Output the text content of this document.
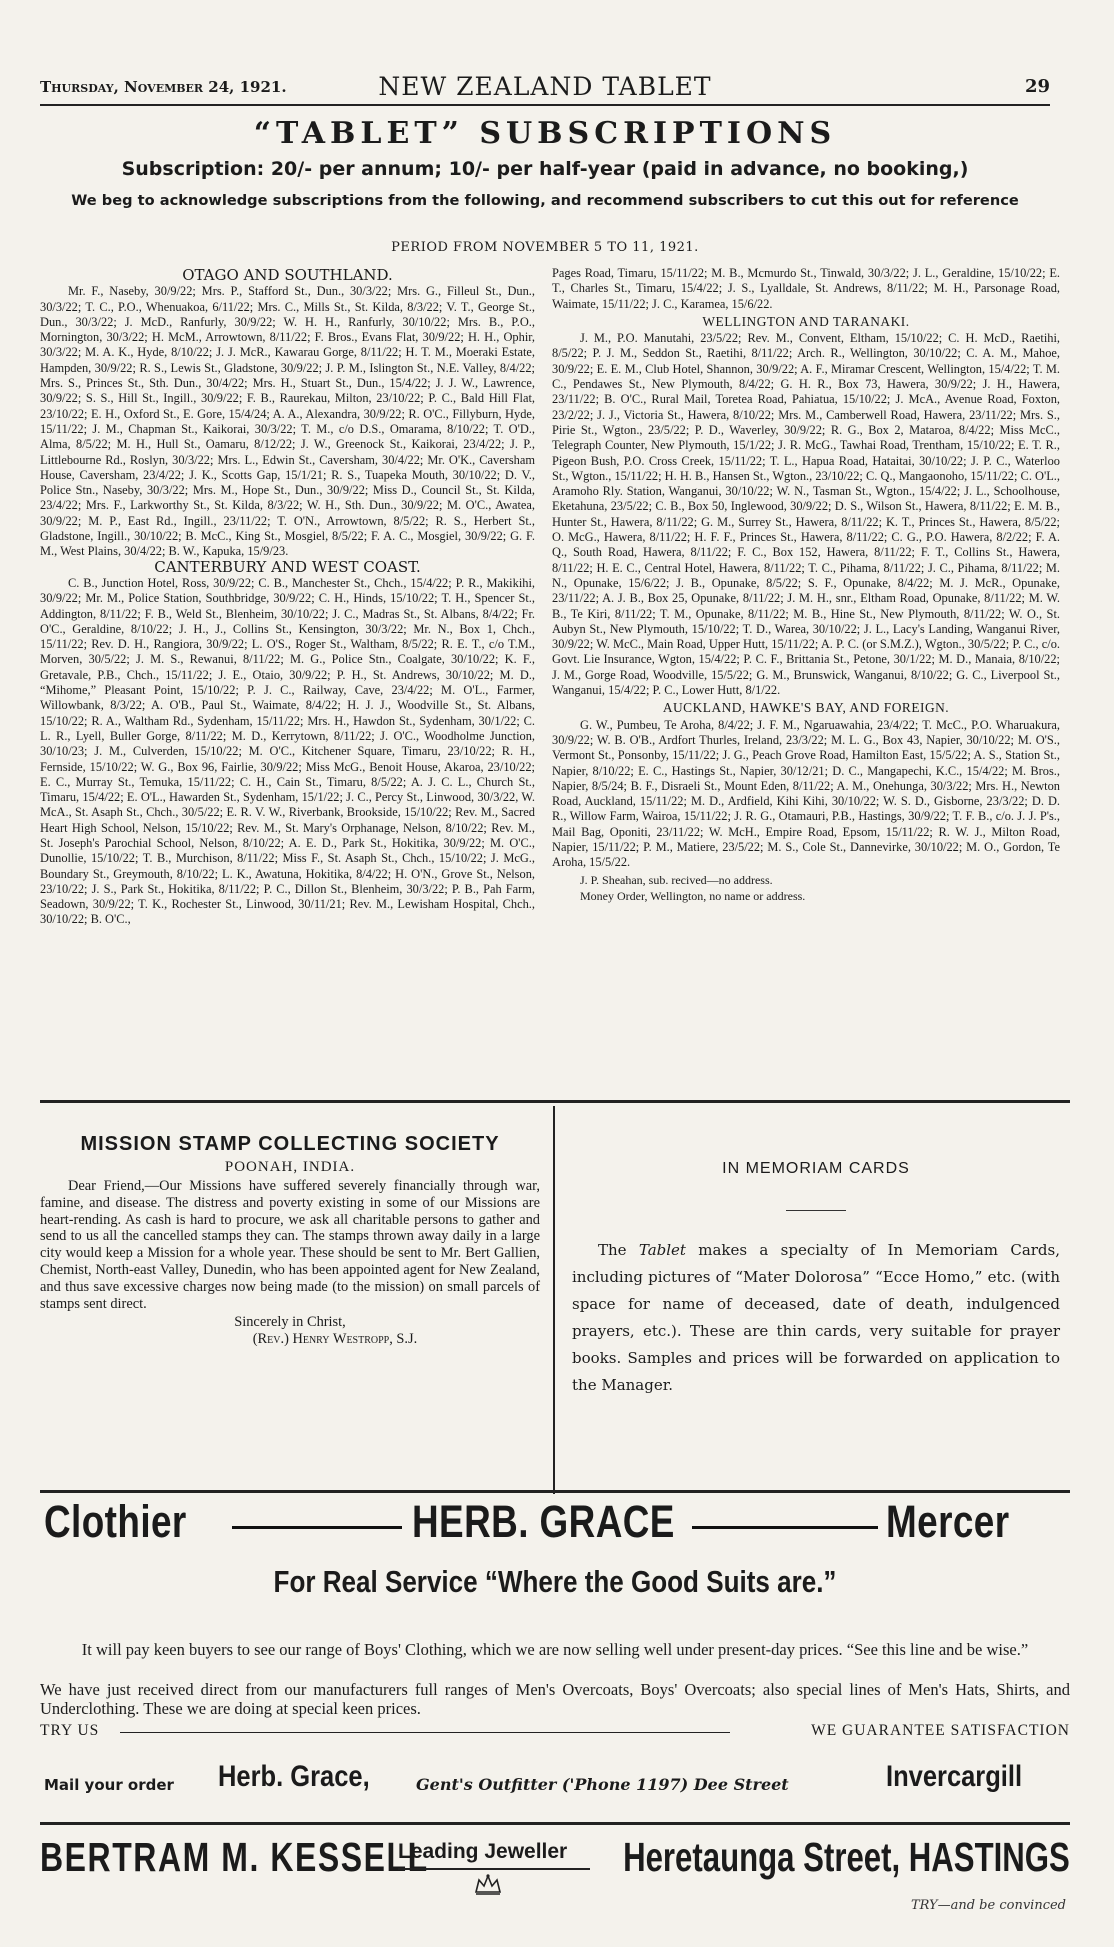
Thursday, November 24, 1921.	NEW ZEALAND TABLET	29
“TABLET” SUBSCRIPTIONS
Subscription: 20/- per annum; 10/- per half-year (paid in advance, no booking,)
We beg to acknowledge subscriptions from the following, and recommend subscribers to cut this out for reference
PERIOD FROM NOVEMBER 5 TO 11, 1921.
OTAGO AND SOUTHLAND.

Mr. F., Naseby, 30/9/22; Mrs. P., Stafford St., Dun., 30/3/22; Mrs. G., Filleul St., Dun., 30/3/22; T. C., P.O., Whenuakoa, 6/11/22; Mrs. C., Mills St., St. Kilda, 8/3/22; V. T., George St., Dun., 30/3/22; J. McD., Ranfurly, 30/9/22; W. H. H., Ranfurly, 30/10/22; Mrs. B., P.O., Mornington, 30/3/22; H. McM., Arrowtown, 8/11/22; F. Bros., Evans Flat, 30/9/22; H. H., Ophir, 30/3/22; M. A. K., Hyde, 8/10/22; J. J. McR., Kawarau Gorge, 8/11/22; H. T. M., Moeraki Estate, Hampden, 30/9/22; R. S., Lewis St., Gladstone, 30/9/22; J. P. M., Islington St., N.E. Valley, 8/4/22; Mrs. S., Princes St., Sth. Dun., 30/4/22; Mrs. H., Stuart St., Dun., 15/4/22; J. J. W., Lawrence, 30/9/22; S. S., Hill St., Ingill., 30/9/22; F. B., Raurekau, Milton, 23/10/22; P. C., Bald Hill Flat, 23/10/22; E. H., Oxford St., E. Gore, 15/4/24; A. A., Alexandra, 30/9/22; R. O'C., Fillyburn, Hyde, 15/11/22; J. M., Chapman St., Kaikorai, 30/3/22; T. M., c/o D.S., Omarama, 8/10/22; T. O'D., Alma, 8/5/22; M. H., Hull St., Oamaru, 8/12/22; J. W., Greenock St., Kaikorai, 23/4/22; J. P., Littlebourne Rd., Roslyn, 30/3/22; Mrs. L., Edwin St., Caversham, 30/4/22; Mr. O'K., Caversham House, Caversham, 23/4/22; J. K., Scotts Gap, 15/1/21; R. S., Tuapeka Mouth, 30/10/22; D. V., Police Stn., Naseby, 30/3/22; Mrs. M., Hope St., Dun., 30/9/22; Miss D., Council St., St. Kilda, 23/4/22; Mrs. F., Larkworthy St., St. Kilda, 8/3/22; W. H., Sth. Dun., 30/9/22; M. O'C., Awatea, 30/9/22; M. P., East Rd., Ingill., 23/11/22; T. O'N., Arrowtown, 8/5/22; R. S., Herbert St., Gladstone, Ingill., 30/10/22; B. McC., King St., Mosgiel, 8/5/22; F. A. C., Mosgiel, 30/9/22; G. F. M., West Plains, 30/4/22; B. W., Kapuka, 15/9/23.

CANTERBURY AND WEST COAST.

C. B., Junction Hotel, Ross, 30/9/22; C. B., Manchester St., Chch., 15/4/22; P. R., Makikihi, 30/9/22; Mr. M., Police Station, Southbridge, 30/9/22; C. H., Hinds, 15/10/22; T. H., Spencer St., Addington, 8/11/22; F. B., Weld St., Blenheim, 30/10/22; J. C., Madras St., St. Albans, 8/4/22; Fr. O'C., Geraldine, 8/10/22; J. H., J., Collins St., Kensington, 30/3/22; Mr. N., Box 1, Chch., 15/11/22; Rev. D. H., Rangiora, 30/9/22; L. O'S., Roger St., Waltham, 8/5/22; R. E. T., c/o T.M., Morven, 30/5/22; J. M. S., Rewanui, 8/11/22; M. G., Police Stn., Coalgate, 30/10/22; K. F., Gretavale, P.B., Chch., 15/11/22; J. E., Otaio, 30/9/22; P. H., St. Andrews, 30/10/22; M. D., “Mihome,” Pleasant Point, 15/10/22; P. J. C., Railway, Cave, 23/4/22; M. O'L., Farmer, Willowbank, 8/3/22; A. O'B., Paul St., Waimate, 8/4/22; H. J. J., Woodville St., St. Albans, 15/10/22; R. A., Waltham Rd., Sydenham, 15/11/22; Mrs. H., Hawdon St., Sydenham, 30/1/22; C. L. R., Lyell, Buller Gorge, 8/11/22; M. D., Kerrytown, 8/11/22; J. O'C., Woodholme Junction, 30/10/23; J. M., Culverden, 15/10/22; M. O'C., Kitchener Square, Timaru, 23/10/22; R. H., Fernside, 15/10/22; W. G., Box 96, Fairlie, 30/9/22; Miss McG., Benoit House, Akaroa, 23/10/22; E. C., Murray St., Temuka, 15/11/22; C. H., Cain St., Timaru, 8/5/22; A. J. C. L., Church St., Timaru, 15/4/22; E. O'L., Hawarden St., Sydenham, 15/1/22; J. C., Percy St., Linwood, 30/3/22, W. McA., St. Asaph St., Chch., 30/5/22; E. R. V. W., Riverbank, Brookside, 15/10/22; Rev. M., Sacred Heart High School, Nelson, 15/10/22; Rev. M., St. Mary's Orphanage, Nelson, 8/10/22; Rev. M., St. Joseph's Parochial School, Nelson, 8/10/22; A. E. D., Park St., Hokitika, 30/9/22; M. O'C., Dunollie, 15/10/22; T. B., Murchison, 8/11/22; Miss F., St. Asaph St., Chch., 15/10/22; J. McG., Boundary St., Greymouth, 8/10/22; L. K., Awatuna, Hokitika, 8/4/22; H. O'N., Grove St., Nelson, 23/10/22; J. S., Park St., Hokitika, 8/11/22; P. C., Dillon St., Blenheim, 30/3/22; P. B., Pah Farm, Seadown, 30/9/22; T. K., Rochester St., Linwood, 30/11/21; Rev. M., Lewisham Hospital, Chch., 30/10/22; B. O'C.,

Pages Road, Timaru, 15/11/22; M. B., Mcmurdo St., Tinwald, 30/3/22; J. L., Geraldine, 15/10/22; E. T., Charles St., Timaru, 15/4/22; J. S., Lyalldale, St. Andrews, 8/11/22; M. H., Parsonage Road, Waimate, 15/11/22; J. C., Karamea, 15/6/22.

WELLINGTON AND TARANAKI.

J. M., P.O. Manutahi, 23/5/22; Rev. M., Convent, Eltham, 15/10/22; C. H. McD., Raetihi, 8/5/22; P. J. M., Seddon St., Raetihi, 8/11/22; Arch. R., Wellington, 30/10/22; C. A. M., Mahoe, 30/9/22; E. E. M., Club Hotel, Shannon, 30/9/22; A. F., Miramar Crescent, Wellington, 15/4/22; T. M. C., Pendawes St., New Plymouth, 8/4/22; G. H. R., Box 73, Hawera, 30/9/22; J. H., Hawera, 23/11/22; B. O'C., Rural Mail, Toretea Road, Pahiatua, 15/10/22; J. McA., Avenue Road, Foxton, 23/2/22; J. J., Victoria St., Hawera, 8/10/22; Mrs. M., Camberwell Road, Hawera, 23/11/22; Mrs. S., Pirie St., Wgton., 23/5/22; P. D., Waverley, 30/9/22; R. G., Box 2, Mataroa, 8/4/22; Miss McC., Telegraph Counter, New Plymouth, 15/1/22; J. R. McG., Tawhai Road, Trentham, 15/10/22; E. T. R., Pigeon Bush, P.O. Cross Creek, 15/11/22; T. L., Hapua Road, Hataitai, 30/10/22; J. P. C., Waterloo St., Wgton., 15/11/22; H. H. B., Hansen St., Wgton., 23/10/22; C. Q., Mangaonoho, 15/11/22; C. O'L., Aramoho Rly. Station, Wanganui, 30/10/22; W. N., Tasman St., Wgton., 15/4/22; J. L., Schoolhouse, Eketahuna, 23/5/22; C. B., Box 50, Inglewood, 30/9/22; D. S., Wilson St., Hawera, 8/11/22; E. M. B., Hunter St., Hawera, 8/11/22; G. M., Surrey St., Hawera, 8/11/22; K. T., Princes St., Hawera, 8/5/22; O. McG., Hawera, 8/11/22; H. F. F., Princes St., Hawera, 8/11/22; C. G., P.O. Hawera, 8/2/22; F. A. Q., South Road, Hawera, 8/11/22; F. C., Box 152, Hawera, 8/11/22; F. T., Collins St., Hawera, 8/11/22; H. E. C., Central Hotel, Hawera, 8/11/22; T. C., Pihama, 8/11/22; J. C., Pihama, 8/11/22; M. N., Opunake, 15/6/22; J. B., Opunake, 8/5/22; S. F., Opunake, 8/4/22; M. J. McR., Opunake, 23/11/22; A. J. B., Box 25, Opunake, 8/11/22; J. M. H., snr., Eltham Road, Opunake, 8/11/22; M. W. B., Te Kiri, 8/11/22; T. M., Opunake, 8/11/22; M. B., Hine St., New Plymouth, 8/11/22; W. O., St. Aubyn St., New Plymouth, 15/10/22; T. D., Warea, 30/10/22; J. L., Lacy's Landing, Wanganui River, 30/9/22; W. McC., Main Road, Upper Hutt, 15/11/22; A. P. C. (or S.M.Z.), Wgton., 30/5/22; P. C., c/o. Govt. Lie Insurance, Wgton, 15/4/22; P. C. F., Brittania St., Petone, 30/1/22; M. D., Manaia, 8/10/22; J. M., Gorge Road, Woodville, 15/5/22; G. M., Brunswick, Wanganui, 8/10/22; G. C., Liverpool St., Wanganui, 15/4/22; P. C., Lower Hutt, 8/1/22.

AUCKLAND, HAWKE'S BAY, AND FOREIGN.

G. W., Pumbeu, Te Aroha, 8/4/22; J. F. M., Ngaruawahia, 23/4/22; T. McC., P.O. Wharuakura, 30/9/22; W. B. O'B., Ardfort Thurles, Ireland, 23/3/22; M. L. G., Box 43, Napier, 30/10/22; M. O'S., Vermont St., Ponsonby, 15/11/22; J. G., Peach Grove Road, Hamilton East, 15/5/22; A. S., Station St., Napier, 8/10/22; E. C., Hastings St., Napier, 30/12/21; D. C., Mangapechi, K.C., 15/4/22; M. Bros., Napier, 8/5/24; B. F., Disraeli St., Mount Eden, 8/11/22; A. M., Onehunga, 30/3/22; Mrs. H., Newton Road, Auckland, 15/11/22; M. D., Ardfield, Kihi Kihi, 30/10/22; W. S. D., Gisborne, 23/3/22; D. D. R., Willow Farm, Wairoa, 15/11/22; J. R. G., Otamauri, P.B., Hastings, 30/9/22; T. F. B., c/o. J. J. P's., Mail Bag, Oponiti, 23/11/22; W. McH., Empire Road, Epsom, 15/11/22; R. W. J., Milton Road, Napier, 15/11/22; P. M., Matiere, 23/5/22; M. S., Cole St., Dannevirke, 30/10/22; M. O., Gordon, Te Aroha, 15/5/22.

J. P. Sheahan, sub. recived—no address.

Money Order, Wellington, no name or address.

MISSION STAMP COLLECTING SOCIETY
POONAH, INDIA.

Dear Friend,—Our Missions have suffered severely financially through war, famine, and disease. The distress and poverty existing in some of our Missions are heart-rending. As cash is hard to procure, we ask all charitable persons to gather and send to us all the cancelled stamps they can. The stamps thrown away daily in a large city would keep a Mission for a whole year. These should be sent to Mr. Bert Gallien, Chemist, North-east Valley, Dunedin, who has been appointed agent for New Zealand, and thus save excessive charges now being made (to the mission) on small parcels of stamps sent direct.

Sincerely in Christ,
(Rev.) Henry Westropp, S.J.
IN MEMORIAM CARDS

The Tablet makes a specialty of In Memoriam Cards, including pictures of “Mater Dolorosa” “Ecce Homo,” etc. (with space for name of deceased, date of death, indulgenced prayers, etc.). These are thin cards, very suitable for prayer books. Samples and prices will be forwarded on application to the Manager.

Clothier	HERB. GRACE	Mercer
For Real Service “Where the Good Suits are.”
It will pay keen buyers to see our range of Boys' Clothing, which we are now selling well under present-day prices. “See this line and be wise.”
We have just received direct from our manufacturers full ranges of Men's Overcoats, Boys' Overcoats; also special lines of Men's Hats, Shirts, and Underclothing. These we are doing at special keen prices.
TRY US	WE GUARANTEE SATISFACTION
Mail your order Herb. Grace,	Gent's Outfitter ('Phone 1197) Dee Street	Invercargill
BERTRAM M. KESSELL
Leading Jeweller Heretaunga Street, HASTINGS
TRY—and be convinced
